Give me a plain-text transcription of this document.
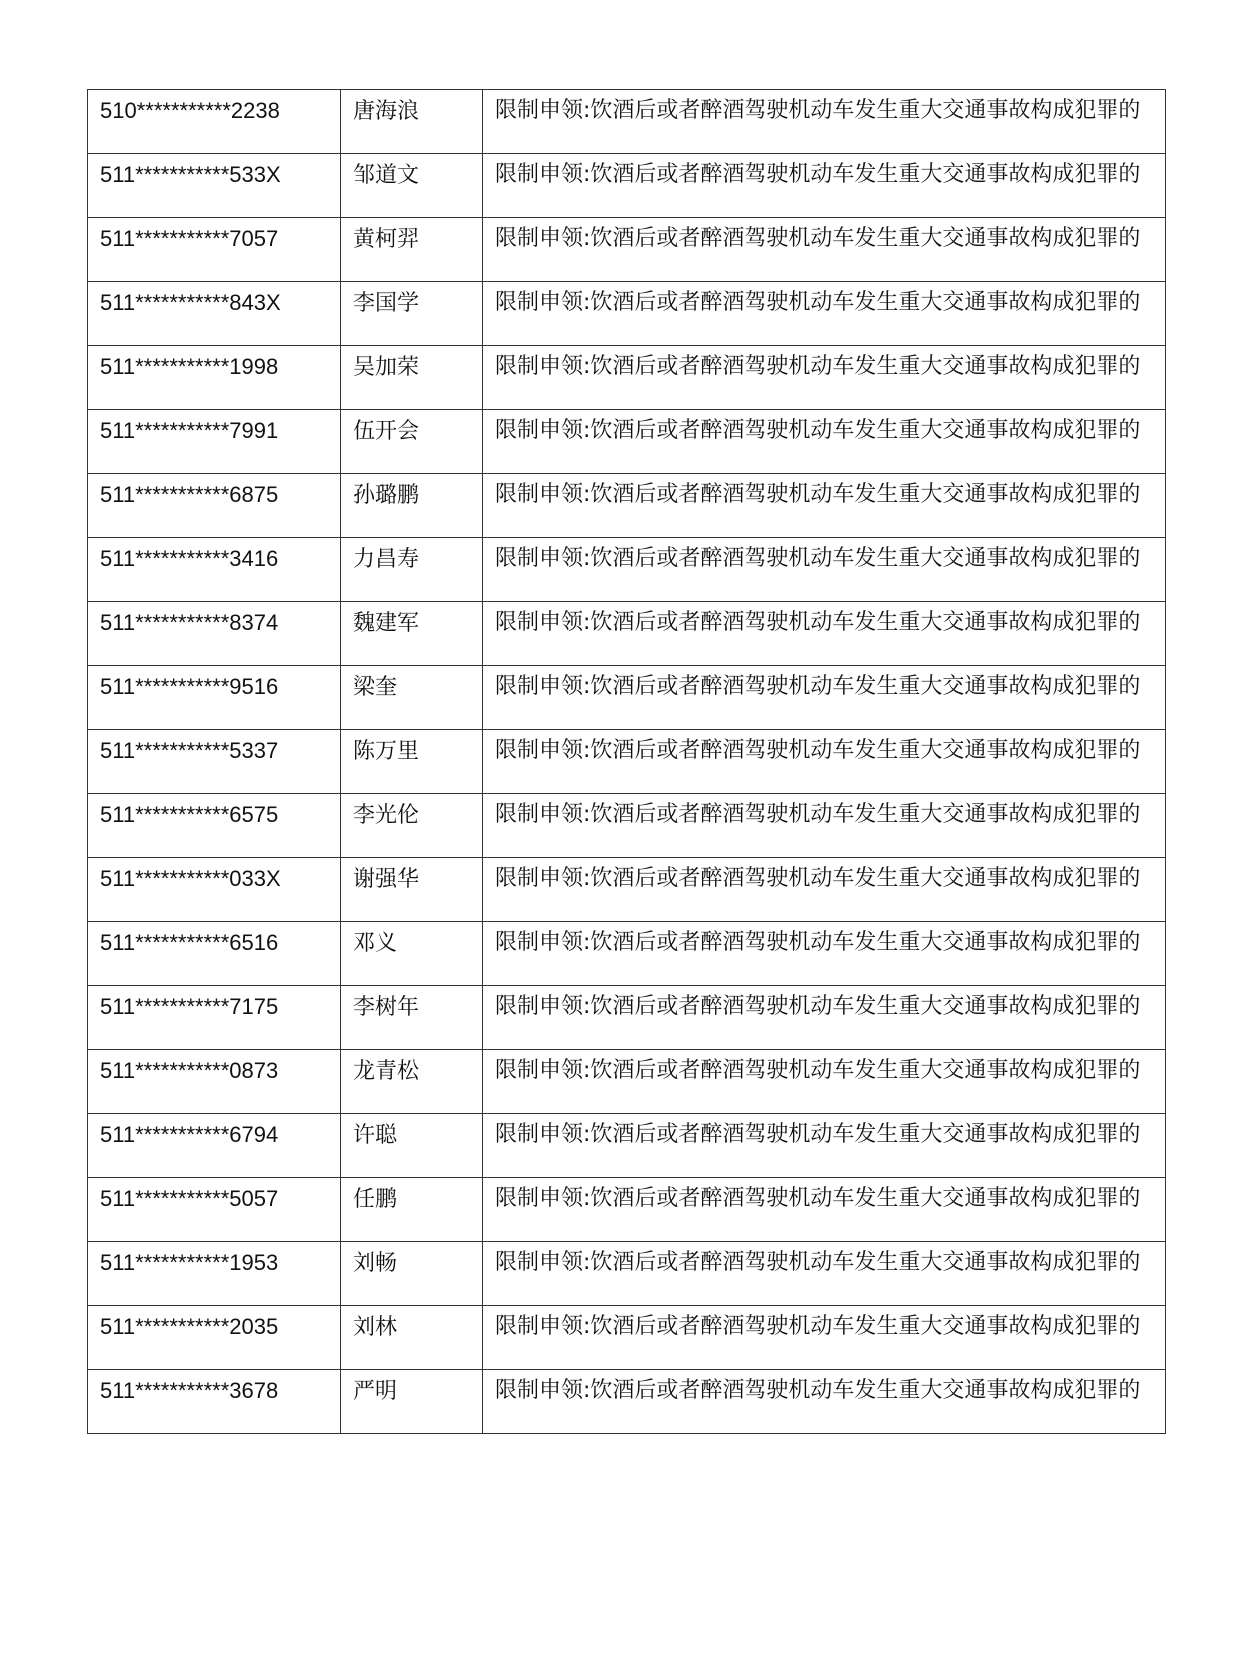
510***********2238	唐海浪	限制申领:饮酒后或者醉酒驾驶机动车发生重大交通事故构成犯罪的
511***********533X	邹道文	限制申领:饮酒后或者醉酒驾驶机动车发生重大交通事故构成犯罪的
511***********7057	黄柯羿	限制申领:饮酒后或者醉酒驾驶机动车发生重大交通事故构成犯罪的
511***********843X	李国学	限制申领:饮酒后或者醉酒驾驶机动车发生重大交通事故构成犯罪的
511***********1998	吴加荣	限制申领:饮酒后或者醉酒驾驶机动车发生重大交通事故构成犯罪的
511***********7991	伍开会	限制申领:饮酒后或者醉酒驾驶机动车发生重大交通事故构成犯罪的
511***********6875	孙璐鹏	限制申领:饮酒后或者醉酒驾驶机动车发生重大交通事故构成犯罪的
511***********3416	力昌寿	限制申领:饮酒后或者醉酒驾驶机动车发生重大交通事故构成犯罪的
511***********8374	魏建军	限制申领:饮酒后或者醉酒驾驶机动车发生重大交通事故构成犯罪的
511***********9516	梁奎	限制申领:饮酒后或者醉酒驾驶机动车发生重大交通事故构成犯罪的
511***********5337	陈万里	限制申领:饮酒后或者醉酒驾驶机动车发生重大交通事故构成犯罪的
511***********6575	李光伦	限制申领:饮酒后或者醉酒驾驶机动车发生重大交通事故构成犯罪的
511***********033X	谢强华	限制申领:饮酒后或者醉酒驾驶机动车发生重大交通事故构成犯罪的
511***********6516	邓义	限制申领:饮酒后或者醉酒驾驶机动车发生重大交通事故构成犯罪的
511***********7175	李树年	限制申领:饮酒后或者醉酒驾驶机动车发生重大交通事故构成犯罪的
511***********0873	龙青松	限制申领:饮酒后或者醉酒驾驶机动车发生重大交通事故构成犯罪的
511***********6794	许聪	限制申领:饮酒后或者醉酒驾驶机动车发生重大交通事故构成犯罪的
511***********5057	任鹏	限制申领:饮酒后或者醉酒驾驶机动车发生重大交通事故构成犯罪的
511***********1953	刘畅	限制申领:饮酒后或者醉酒驾驶机动车发生重大交通事故构成犯罪的
511***********2035	刘林	限制申领:饮酒后或者醉酒驾驶机动车发生重大交通事故构成犯罪的
511***********3678	严明	限制申领:饮酒后或者醉酒驾驶机动车发生重大交通事故构成犯罪的
